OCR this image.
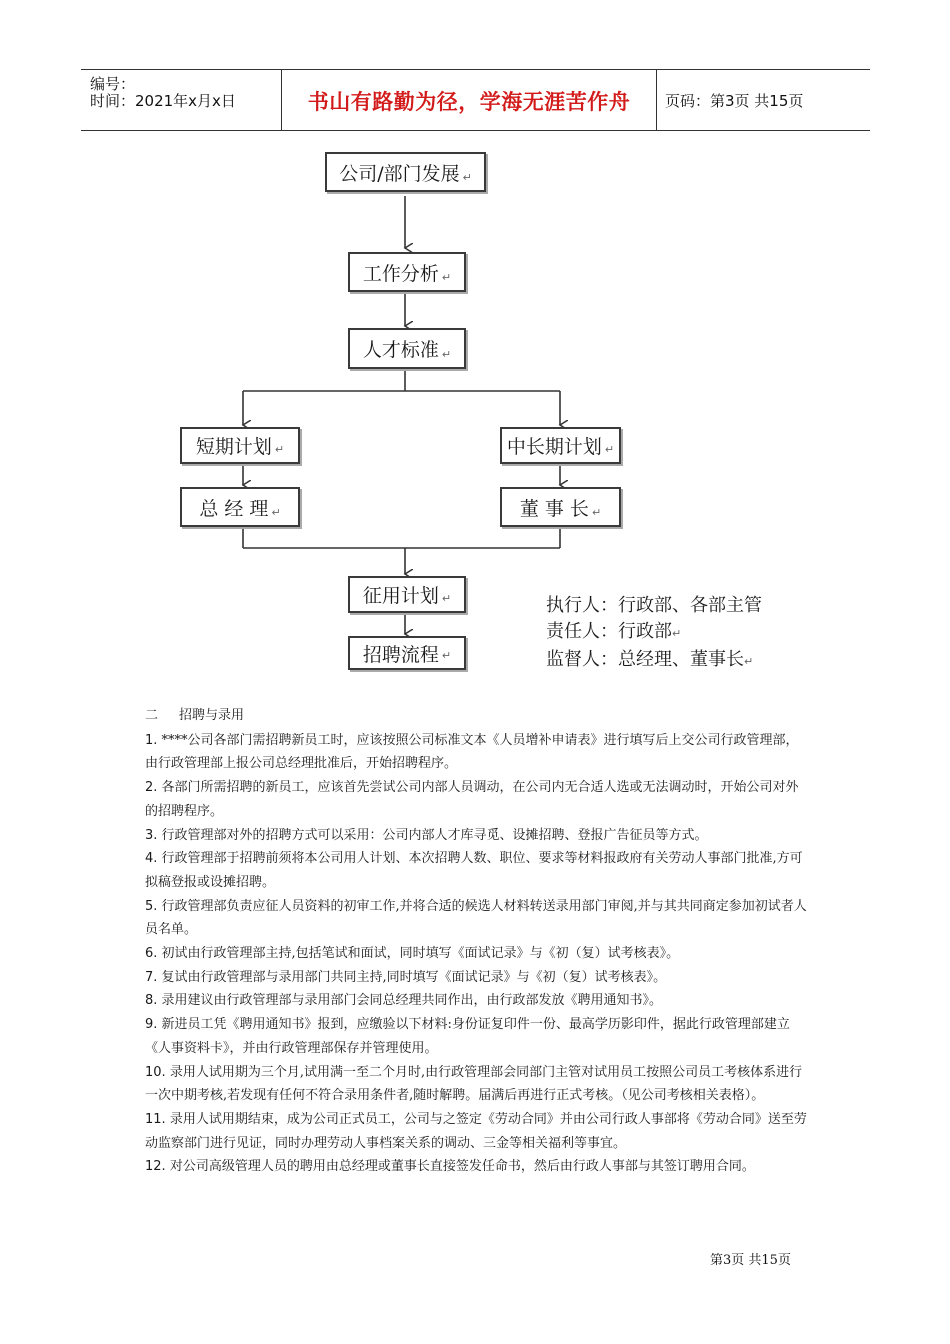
编号：
时间：2021年x月x日	书山有路勤为径，学海无涯苦作舟	页码：第3页 共15页
公司/部门发展 ↵
工作分析 ↵
人才标准 ↵
短期计划 ↵	中长期计划 ↵
总 经 理 ↵	董 事 长 ↵
征用计划 ↵
招聘流程 ↵
执行人：行政部、各部主管
责任人：行政部↵
监督人：总经理、董事长↵
二 招聘与录用

1. ****公司各部门需招聘新员工时，应该按照公司标准文本《人员增补申请表》进行填写后上交公司行政管理部，由行政管理部上报公司总经理批准后，开始招聘程序。

2. 各部门所需招聘的新员工，应该首先尝试公司内部人员调动，在公司内无合适人选或无法调动时，开始公司对外的招聘程序。

3. 行政管理部对外的招聘方式可以采用：公司内部人才库寻觅、设摊招聘、登报广告征员等方式。

4. 行政管理部于招聘前须将本公司用人计划、本次招聘人数、职位、要求等材料报政府有关劳动人事部门批准,方可拟稿登报或设摊招聘。

5. 行政管理部负责应征人员资料的初审工作,并将合适的候选人材料转送录用部门审阅,并与其共同商定参加初试者人员名单。

6. 初试由行政管理部主持,包括笔试和面试，同时填写《面试记录》与《初（复）试考核表》。

7. 复试由行政管理部与录用部门共同主持,同时填写《面试记录》与《初（复）试考核表》。

8. 录用建议由行政管理部与录用部门会同总经理共同作出，由行政部发放《聘用通知书》。

9. 新进员工凭《聘用通知书》报到，应缴验以下材料:身份证复印件一份、最高学历影印件，据此行政管理部建立《人事资料卡》，并由行政管理部保存并管理使用。

10. 录用人试用期为三个月,试用满一至二个月时,由行政管理部会同部门主管对试用员工按照公司员工考核体系进行一次中期考核,若发现有任何不符合录用条件者,随时解聘。届满后再进行正式考核。（见公司考核相关表格）。

11. 录用人试用期结束，成为公司正式员工，公司与之签定《劳动合同》并由公司行政人事部将《劳动合同》送至劳动监察部门进行见证，同时办理劳动人事档案关系的调动、三金等相关福利等事宜。

12. 对公司高级管理人员的聘用由总经理或董事长直接签发任命书，然后由行政人事部与其签订聘用合同。

第3页 共15页
